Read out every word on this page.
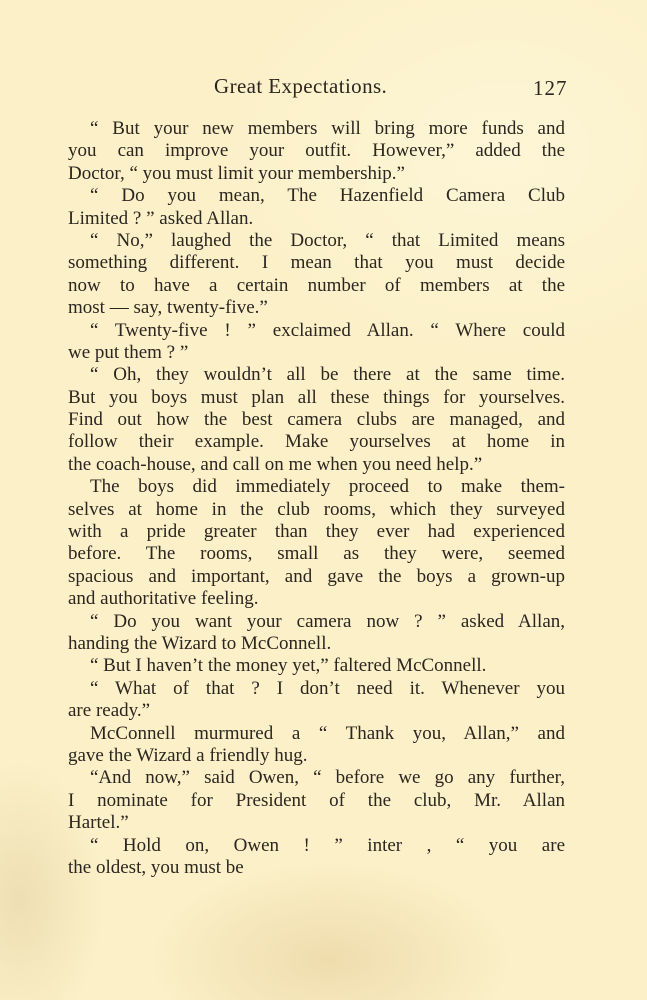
Great Expectations.	127
“ But your new members will bring more funds and
you can improve your outfit. However,” added the
Doctor, “ you must limit your membership.”
“ Do you mean, The Hazenfield Camera Club
Limited ? ” asked Allan.
“ No,” laughed the Doctor, “ that Limited means
something different. I mean that you must decide
now to have a certain number of members at the
most — say, twenty-five.”
“ Twenty-five ! ” exclaimed Allan. “ Where could
we put them ? ”
“ Oh, they wouldn’t all be there at the same time.
But you boys must plan all these things for yourselves.
Find out how the best camera clubs are managed, and
follow their example. Make yourselves at home in
the coach-house, and call on me when you need help.”
The boys did immediately proceed to make them-
selves at home in the club rooms, which they surveyed
with a pride greater than they ever had experienced
before. The rooms, small as they were, seemed
spacious and important, and gave the boys a grown-up
and authoritative feeling.
“ Do you want your camera now ? ” asked Allan,
handing the Wizard to McConnell.
“ But I haven’t the money yet,” faltered McConnell.
“ What of that ? I don’t need it. Whenever you
are ready.”
McConnell murmured a “ Thank you, Allan,” and
gave the Wizard a friendly hug.
“And now,” said Owen, “ before we go any further,
I nominate for President of the club, Mr. Allan
Hartel.”
“ Hold on, Owen ! ” inter , “ you are
the oldest, you must be
